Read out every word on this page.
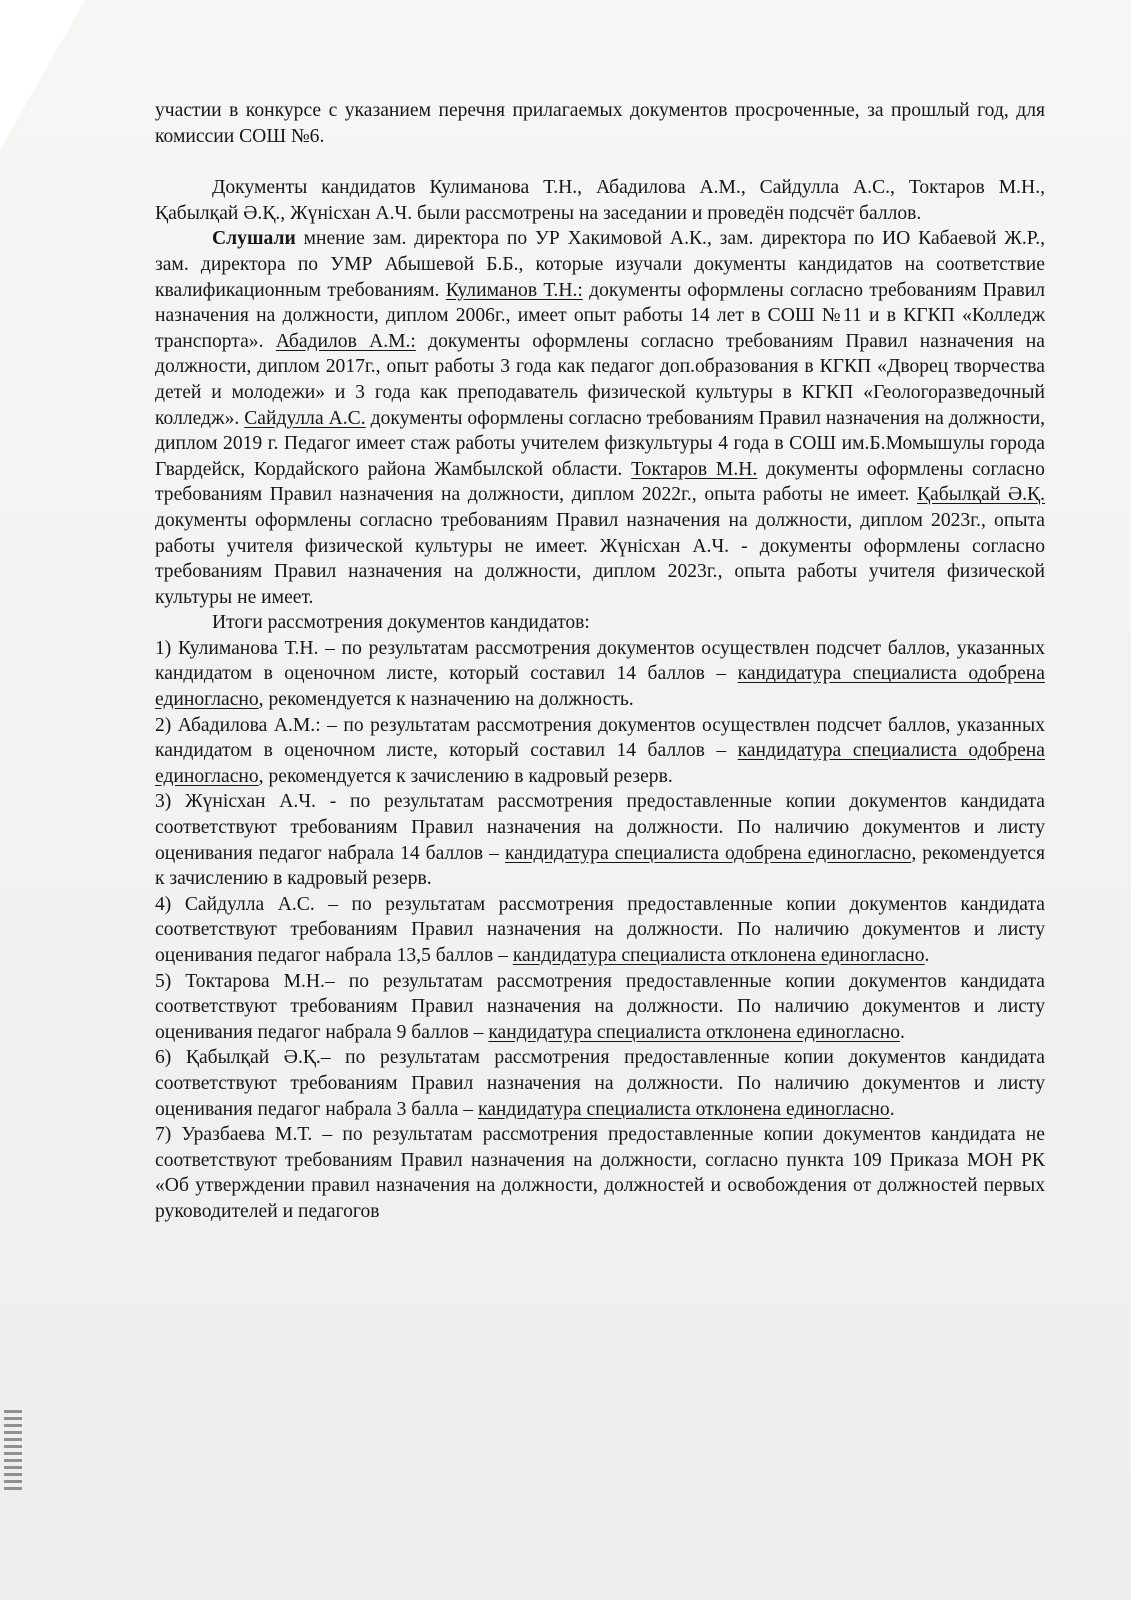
участии в конкурсе с указанием перечня прилагаемых документов просроченные, за прошлый год, для комиссии СОШ №6.

Документы кандидатов Кулиманова Т.Н., Абадилова А.М., Сайдулла А.С., Токтаров М.Н., Қабылқай Ә.Қ., Жүнісхан А.Ч. были рассмотрены на заседании и проведён подсчёт баллов.

Слушали мнение зам. директора по УР Хакимовой А.К., зам. директора по ИО Кабаевой Ж.Р., зам. директора по УМР Абышевой Б.Б., которые изучали документы кандидатов на соответствие квалификационным требованиям. Кулиманов Т.Н.: документы оформлены согласно требованиям Правил назначения на должности, диплом 2006г., имеет опыт работы 14 лет в СОШ №11 и в КГКП «Колледж транспорта». Абадилов А.М.: документы оформлены согласно требованиям Правил назначения на должности, диплом 2017г., опыт работы 3 года как педагог доп.образования в КГКП «Дворец творчества детей и молодежи» и 3 года как преподаватель физической культуры в КГКП «Геологоразведочный колледж». Сайдулла А.С. документы оформлены согласно требованиям Правил назначения на должности, диплом 2019 г. Педагог имеет стаж работы учителем физкультуры 4 года в СОШ им.Б.Момышулы города Гвардейск, Кордайского района Жамбылской области. Токтаров М.Н. документы оформлены согласно требованиям Правил назначения на должности, диплом 2022г., опыта работы не имеет. Қабылқай Ә.Қ. документы оформлены согласно требованиям Правил назначения на должности, диплом 2023г., опыта работы учителя физической культуры не имеет. Жүнісхан А.Ч. - документы оформлены согласно требованиям Правил назначения на должности, диплом 2023г., опыта работы учителя физической культуры не имеет.

Итоги рассмотрения документов кандидатов:

1) Кулиманова Т.Н. – по результатам рассмотрения документов осуществлен подсчет баллов, указанных кандидатом в оценочном листе, который составил 14 баллов – кандидатура специалиста одобрена единогласно, рекомендуется к назначению на должность.

2) Абадилова А.М.: – по результатам рассмотрения документов осуществлен подсчет баллов, указанных кандидатом в оценочном листе, который составил 14 баллов – кандидатура специалиста одобрена единогласно, рекомендуется к зачислению в кадровый резерв.

3) Жүнісхан А.Ч. - по результатам рассмотрения предоставленные копии документов кандидата соответствуют требованиям Правил назначения на должности. По наличию документов и листу оценивания педагог набрала 14 баллов – кандидатура специалиста одобрена единогласно, рекомендуется к зачислению в кадровый резерв.

4) Сайдулла А.С. – по результатам рассмотрения предоставленные копии документов кандидата соответствуют требованиям Правил назначения на должности. По наличию документов и листу оценивания педагог набрала 13,5 баллов – кандидатура специалиста отклонена единогласно.

5) Токтарова М.Н.– по результатам рассмотрения предоставленные копии документов кандидата соответствуют требованиям Правил назначения на должности. По наличию документов и листу оценивания педагог набрала 9 баллов – кандидатура специалиста отклонена единогласно.

6) Қабылқай Ә.Қ.– по результатам рассмотрения предоставленные копии документов кандидата соответствуют требованиям Правил назначения на должности. По наличию документов и листу оценивания педагог набрала 3 балла – кандидатура специалиста отклонена единогласно.

7) Уразбаева М.Т. – по результатам рассмотрения предоставленные копии документов кандидата не соответствуют требованиям Правил назначения на должности, согласно пункта 109 Приказа МОН РК «Об утверждении правил назначения на должности, должностей и освобождения от должностей первых руководителей и педагогов
